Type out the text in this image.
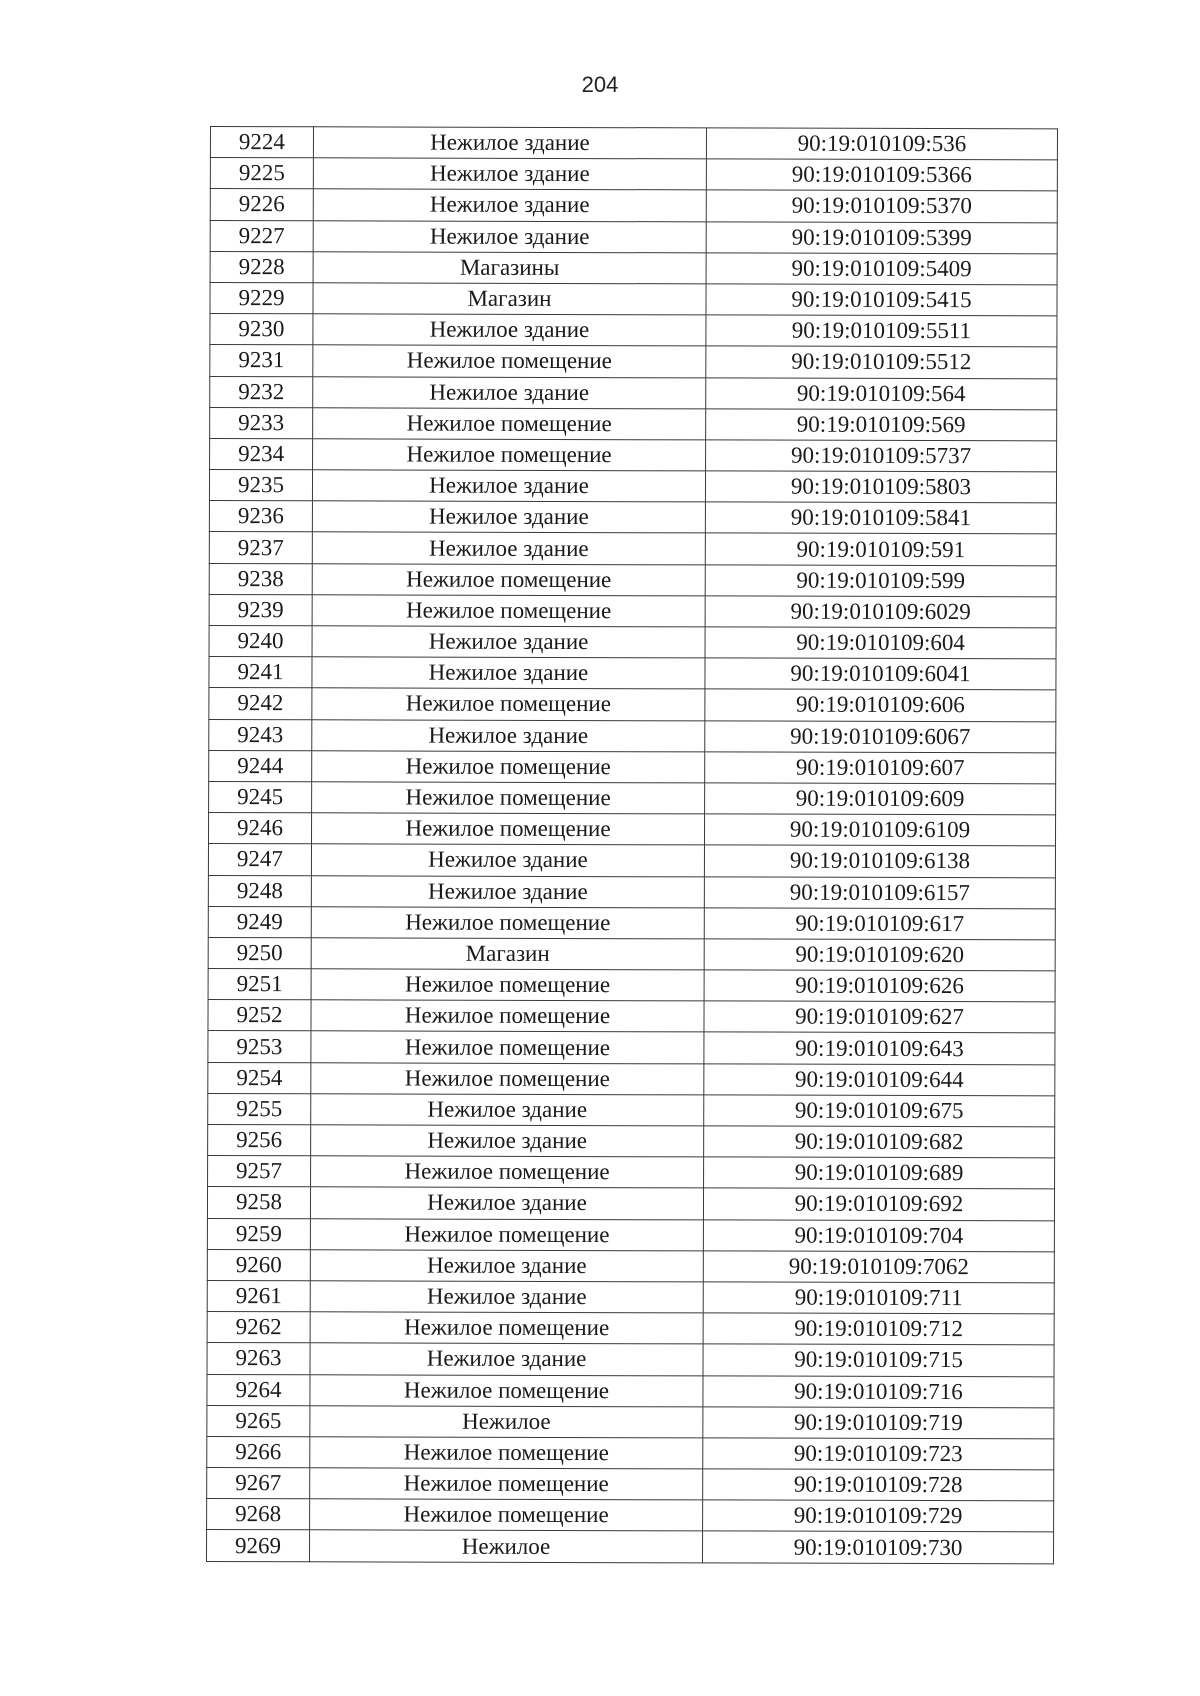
204
9224	Нежилое здание	90:19:010109:536
9225	Нежилое здание	90:19:010109:5366
9226	Нежилое здание	90:19:010109:5370
9227	Нежилое здание	90:19:010109:5399
9228	Магазины	90:19:010109:5409
9229	Магазин	90:19:010109:5415
9230	Нежилое здание	90:19:010109:5511
9231	Нежилое помещение	90:19:010109:5512
9232	Нежилое здание	90:19:010109:564
9233	Нежилое помещение	90:19:010109:569
9234	Нежилое помещение	90:19:010109:5737
9235	Нежилое здание	90:19:010109:5803
9236	Нежилое здание	90:19:010109:5841
9237	Нежилое здание	90:19:010109:591
9238	Нежилое помещение	90:19:010109:599
9239	Нежилое помещение	90:19:010109:6029
9240	Нежилое здание	90:19:010109:604
9241	Нежилое здание	90:19:010109:6041
9242	Нежилое помещение	90:19:010109:606
9243	Нежилое здание	90:19:010109:6067
9244	Нежилое помещение	90:19:010109:607
9245	Нежилое помещение	90:19:010109:609
9246	Нежилое помещение	90:19:010109:6109
9247	Нежилое здание	90:19:010109:6138
9248	Нежилое здание	90:19:010109:6157
9249	Нежилое помещение	90:19:010109:617
9250	Магазин	90:19:010109:620
9251	Нежилое помещение	90:19:010109:626
9252	Нежилое помещение	90:19:010109:627
9253	Нежилое помещение	90:19:010109:643
9254	Нежилое помещение	90:19:010109:644
9255	Нежилое здание	90:19:010109:675
9256	Нежилое здание	90:19:010109:682
9257	Нежилое помещение	90:19:010109:689
9258	Нежилое здание	90:19:010109:692
9259	Нежилое помещение	90:19:010109:704
9260	Нежилое здание	90:19:010109:7062
9261	Нежилое здание	90:19:010109:711
9262	Нежилое помещение	90:19:010109:712
9263	Нежилое здание	90:19:010109:715
9264	Нежилое помещение	90:19:010109:716
9265	Нежилое	90:19:010109:719
9266	Нежилое помещение	90:19:010109:723
9267	Нежилое помещение	90:19:010109:728
9268	Нежилое помещение	90:19:010109:729
9269	Нежилое	90:19:010109:730
